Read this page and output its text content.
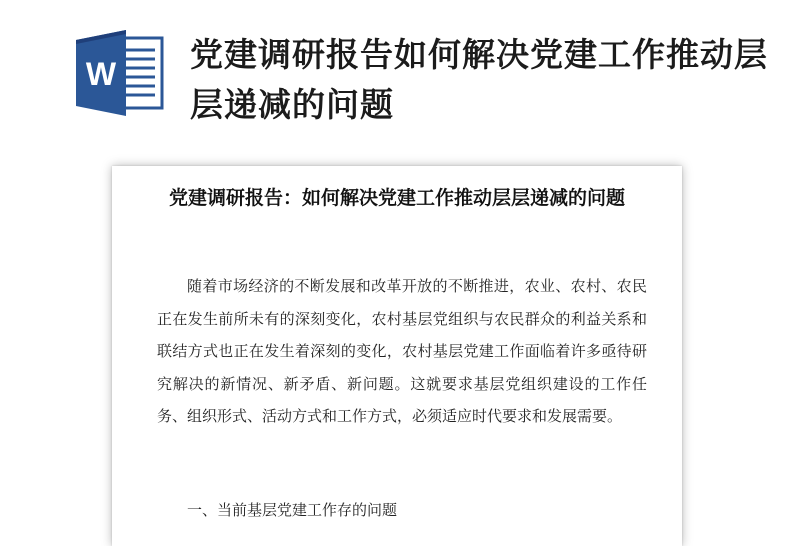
W 党建调研报告如何解决党建工作推动层层递减的问题
党建调研报告：如何解决党建工作推动层层递减的问题

随着市场经济的不断发展和改革开放的不断推进，农业、农村、农民正在发生前所未有的深刻变化，农村基层党组织与农民群众的利益关系和联结方式也正在发生着深刻的变化，农村基层党建工作面临着许多亟待研究解决的新情况、新矛盾、新问题。这就要求基层党组织建设的工作任务、组织形式、活动方式和工作方式，必须适应时代要求和发展需要。

一、当前基层党建工作存的问题
